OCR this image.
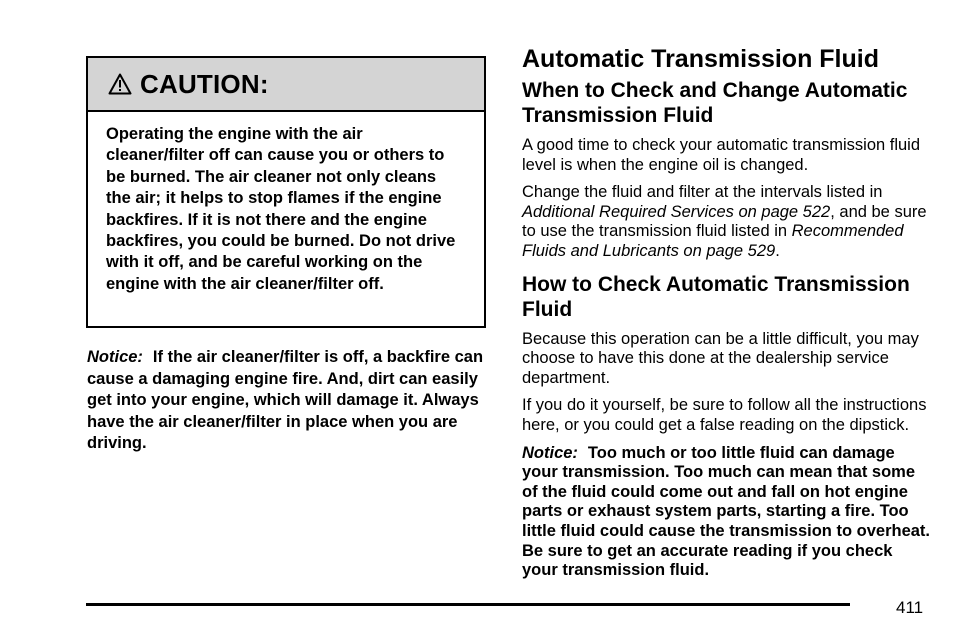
CAUTION:
Operating the engine with the air cleaner/filter off can cause you or others to be burned. The air cleaner not only cleans the air; it helps to stop flames if the engine backfires. If it is not there and the engine backfires, you could be burned. Do not drive with it off, and be careful working on the engine with the air cleaner/filter off.
Notice: If the air cleaner/filter is off, a backfire can cause a damaging engine fire. And, dirt can easily get into your engine, which will damage it. Always have the air cleaner/filter in place when you are driving.
Automatic Transmission Fluid
When to Check and Change Automatic Transmission Fluid

A good time to check your automatic transmission fluid level is when the engine oil is changed.

Change the fluid and filter at the intervals listed in Additional Required Services on page 522, and be sure to use the transmission fluid listed in Recommended Fluids and Lubricants on page 529.

How to Check Automatic Transmission Fluid

Because this operation can be a little difficult, you may choose to have this done at the dealership service department.

If you do it yourself, be sure to follow all the instructions here, or you could get a false reading on the dipstick.

Notice: Too much or too little fluid can damage your transmission. Too much can mean that some of the fluid could come out and fall on hot engine parts or exhaust system parts, starting a fire. Too little fluid could cause the transmission to overheat. Be sure to get an accurate reading if you check your transmission fluid.

411
